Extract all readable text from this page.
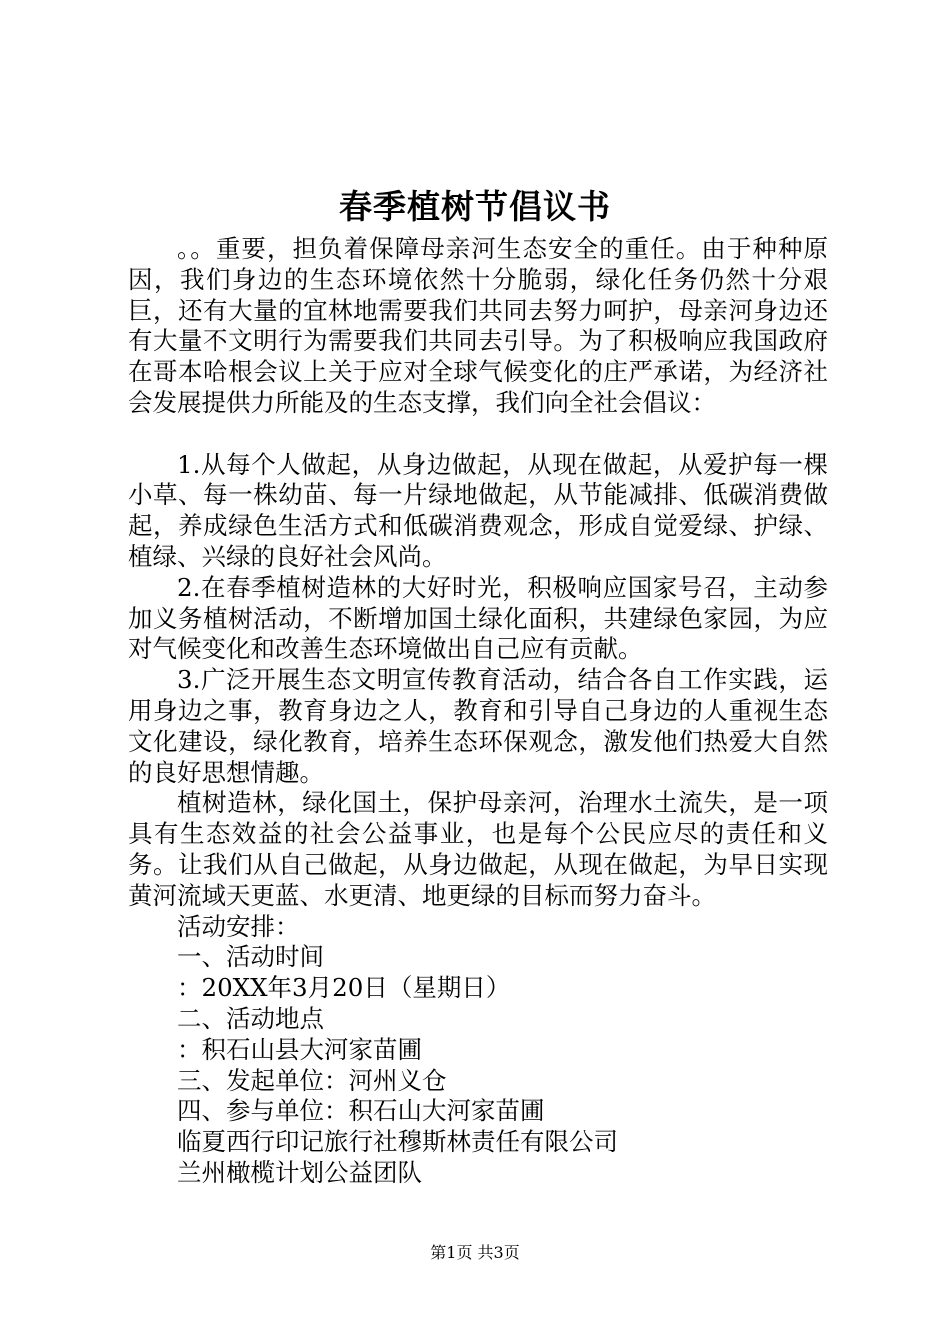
春季植树节倡议书

。。重要，担负着保障母亲河生态安全的重任。由于种种原因，我们身边的生态环境依然十分脆弱，绿化任务仍然十分艰巨，还有大量的宜林地需要我们共同去努力呵护，母亲河身边还有大量不文明行为需要我们共同去引导。为了积极响应我国政府在哥本哈根会议上关于应对全球气候变化的庄严承诺，为经济社会发展提供力所能及的生态支撑，我们向全社会倡议：

1.从每个人做起，从身边做起，从现在做起，从爱护每一棵小草、每一株幼苗、每一片绿地做起，从节能减排、低碳消费做起，养成绿色生活方式和低碳消费观念，形成自觉爱绿、护绿、植绿、兴绿的良好社会风尚。

2.在春季植树造林的大好时光，积极响应国家号召，主动参加义务植树活动，不断增加国土绿化面积，共建绿色家园，为应对气候变化和改善生态环境做出自己应有贡献。

3.广泛开展生态文明宣传教育活动，结合各自工作实践，运用身边之事，教育身边之人，教育和引导自己身边的人重视生态文化建设，绿化教育，培养生态环保观念，激发他们热爱大自然的良好思想情趣。

植树造林，绿化国土，保护母亲河，治理水土流失，是一项具有生态效益的社会公益事业，也是每个公民应尽的责任和义务。让我们从自己做起，从身边做起，从现在做起，为早日实现黄河流域天更蓝、水更清、地更绿的目标而努力奋斗。

活动安排：

一、活动时间

：20XX年3月20日（星期日）

二、活动地点

：积石山县大河家苗圃

三、发起单位：河州义仓

四、参与单位：积石山大河家苗圃

临夏西行印记旅行社穆斯林责任有限公司

兰州橄榄计划公益团队

第1页 共3页
